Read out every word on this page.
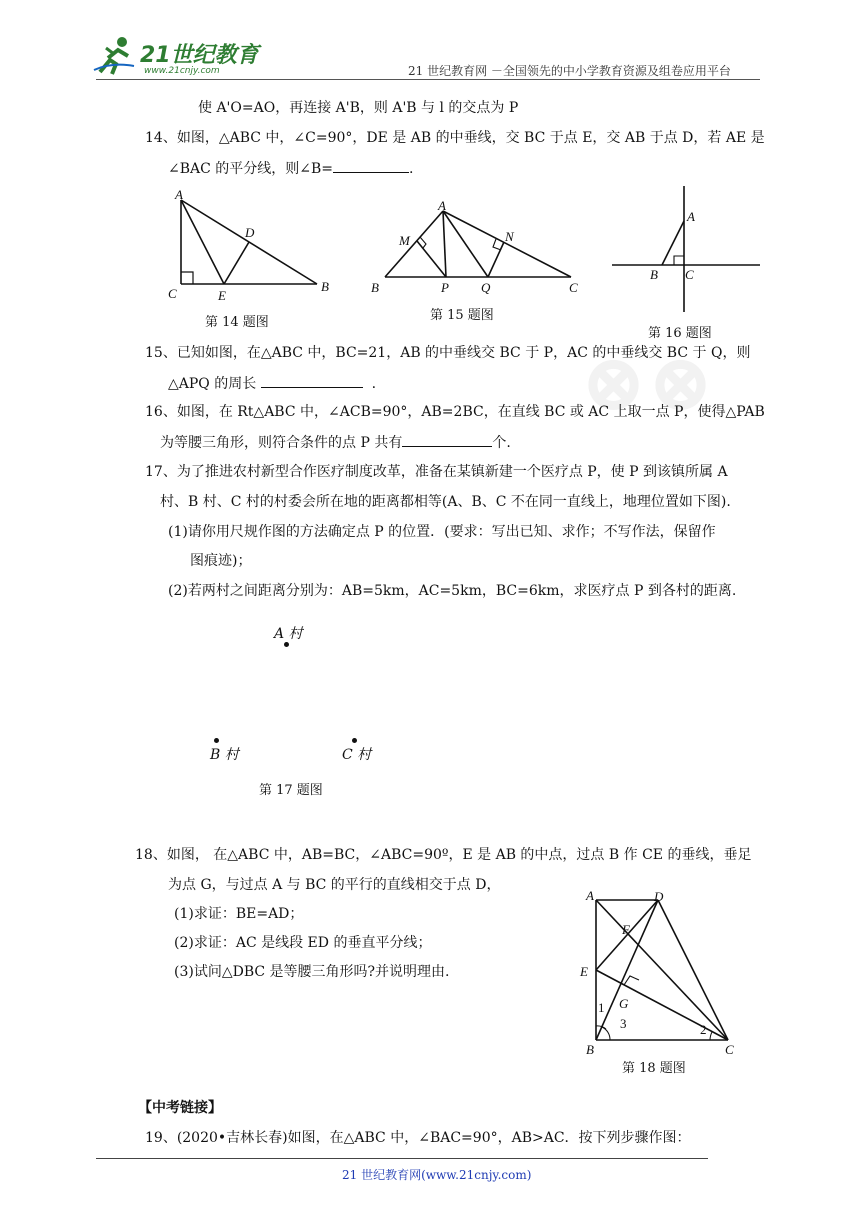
21世纪教育
www.21cnjy.com	21 世纪教育网 －全国领先的中小学教育资源及组卷应用平台
⊗⊗
使 A'O=AO，再连接 A'B，则 A'B 与 l 的交点为 P
14、如图，△ABC 中，∠C=90°，DE 是 AB 的中垂线，交 BC 于点 E，交 AB 于点 D，若 AE 是
∠BAC 的平分线，则∠B=	.
A
C	E
B
D
第 14 题图
A
M	N
B	P Q	C
第 15 题图
A
B C
第 16 题图
15、已知如图，在△ABC 中，BC=21，AB 的中垂线交 BC 于 P，AC 的中垂线交 BC 于 Q，则
△APQ 的周长	.
16、如图，在 Rt△ABC 中，∠ACB=90°，AB=2BC，在直线 BC 或 AC 上取一点 P，使得△PAB
为等腰三角形，则符合条件的点 P 共有	个.
17、为了推进农村新型合作医疗制度改革，准备在某镇新建一个医疗点 P，使 P 到该镇所属 A
村、B 村、C 村的村委会所在地的距离都相等(A、B、C 不在同一直线上，地理位置如下图).
(1)请你用尺规作图的方法确定点 P 的位置．(要求：写出已知、求作；不写作法，保留作
图痕迹)；
(2)若两村之间距离分别为：AB=5km，AC=5km，BC=6km，求医疗点 P 到各村的距离.
A 村
B 村	C 村
第 17 题图
18、如图， 在△ABC 中，AB=BC，∠ABC=90º，E 是 AB 的中点，过点 B 作 CE 的垂线，垂足
为点 G，与过点 A 与 BC 的平行的直线相交于点 D，
(1)求证：BE=AD；
(2)求证：AC 是线段 ED 的垂直平分线；
(3)试问△DBC 是等腰三角形吗?并说明理由.
A	D
F
E
G
1
3	2
B	C
第 18 题图
【中考链接】
19、(2020•吉林长春)如图，在△ABC 中，∠BAC=90°，AB>AC．按下列步骤作图：
21 世纪教育网(www.21cnjy.com)
